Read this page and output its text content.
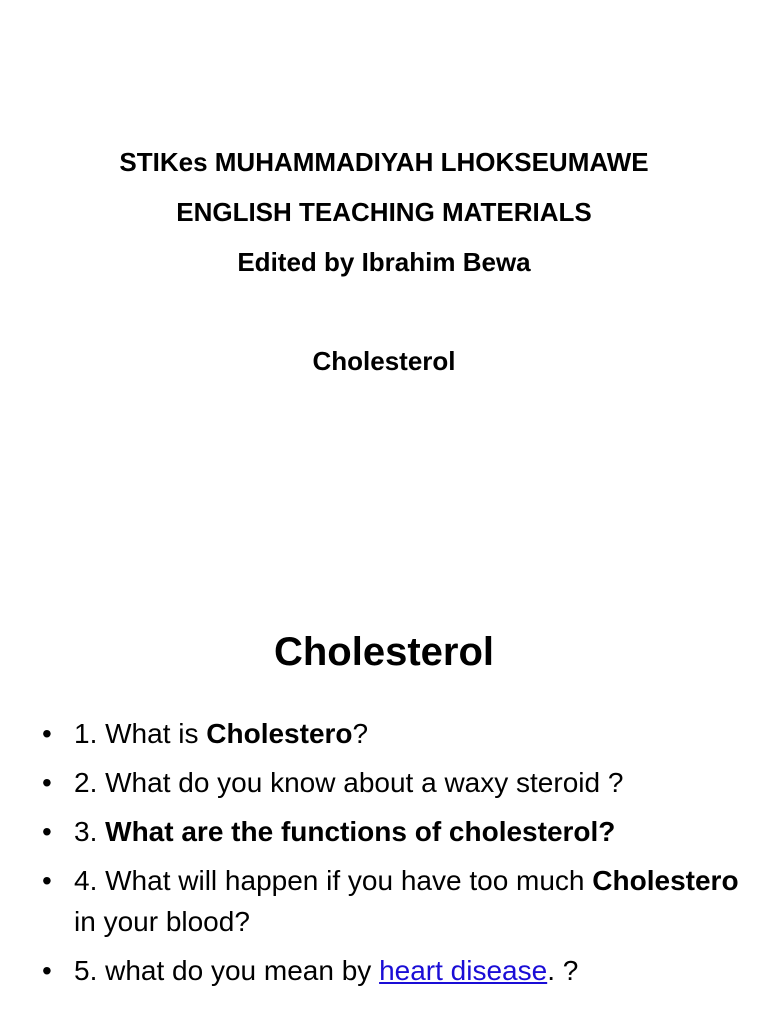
STIKes MUHAMMADIYAH LHOKSEUMAWE
ENGLISH TEACHING MATERIALS
Edited by Ibrahim Bewa
Cholesterol
Cholesterol
• 1. What is Cholestero?
• 2. What do you know about a waxy steroid ?
• 3. What are the functions of cholesterol?
• 4. What will happen if you have too much Cholestero in your blood?
• 5. what do you mean by heart disease. ?
